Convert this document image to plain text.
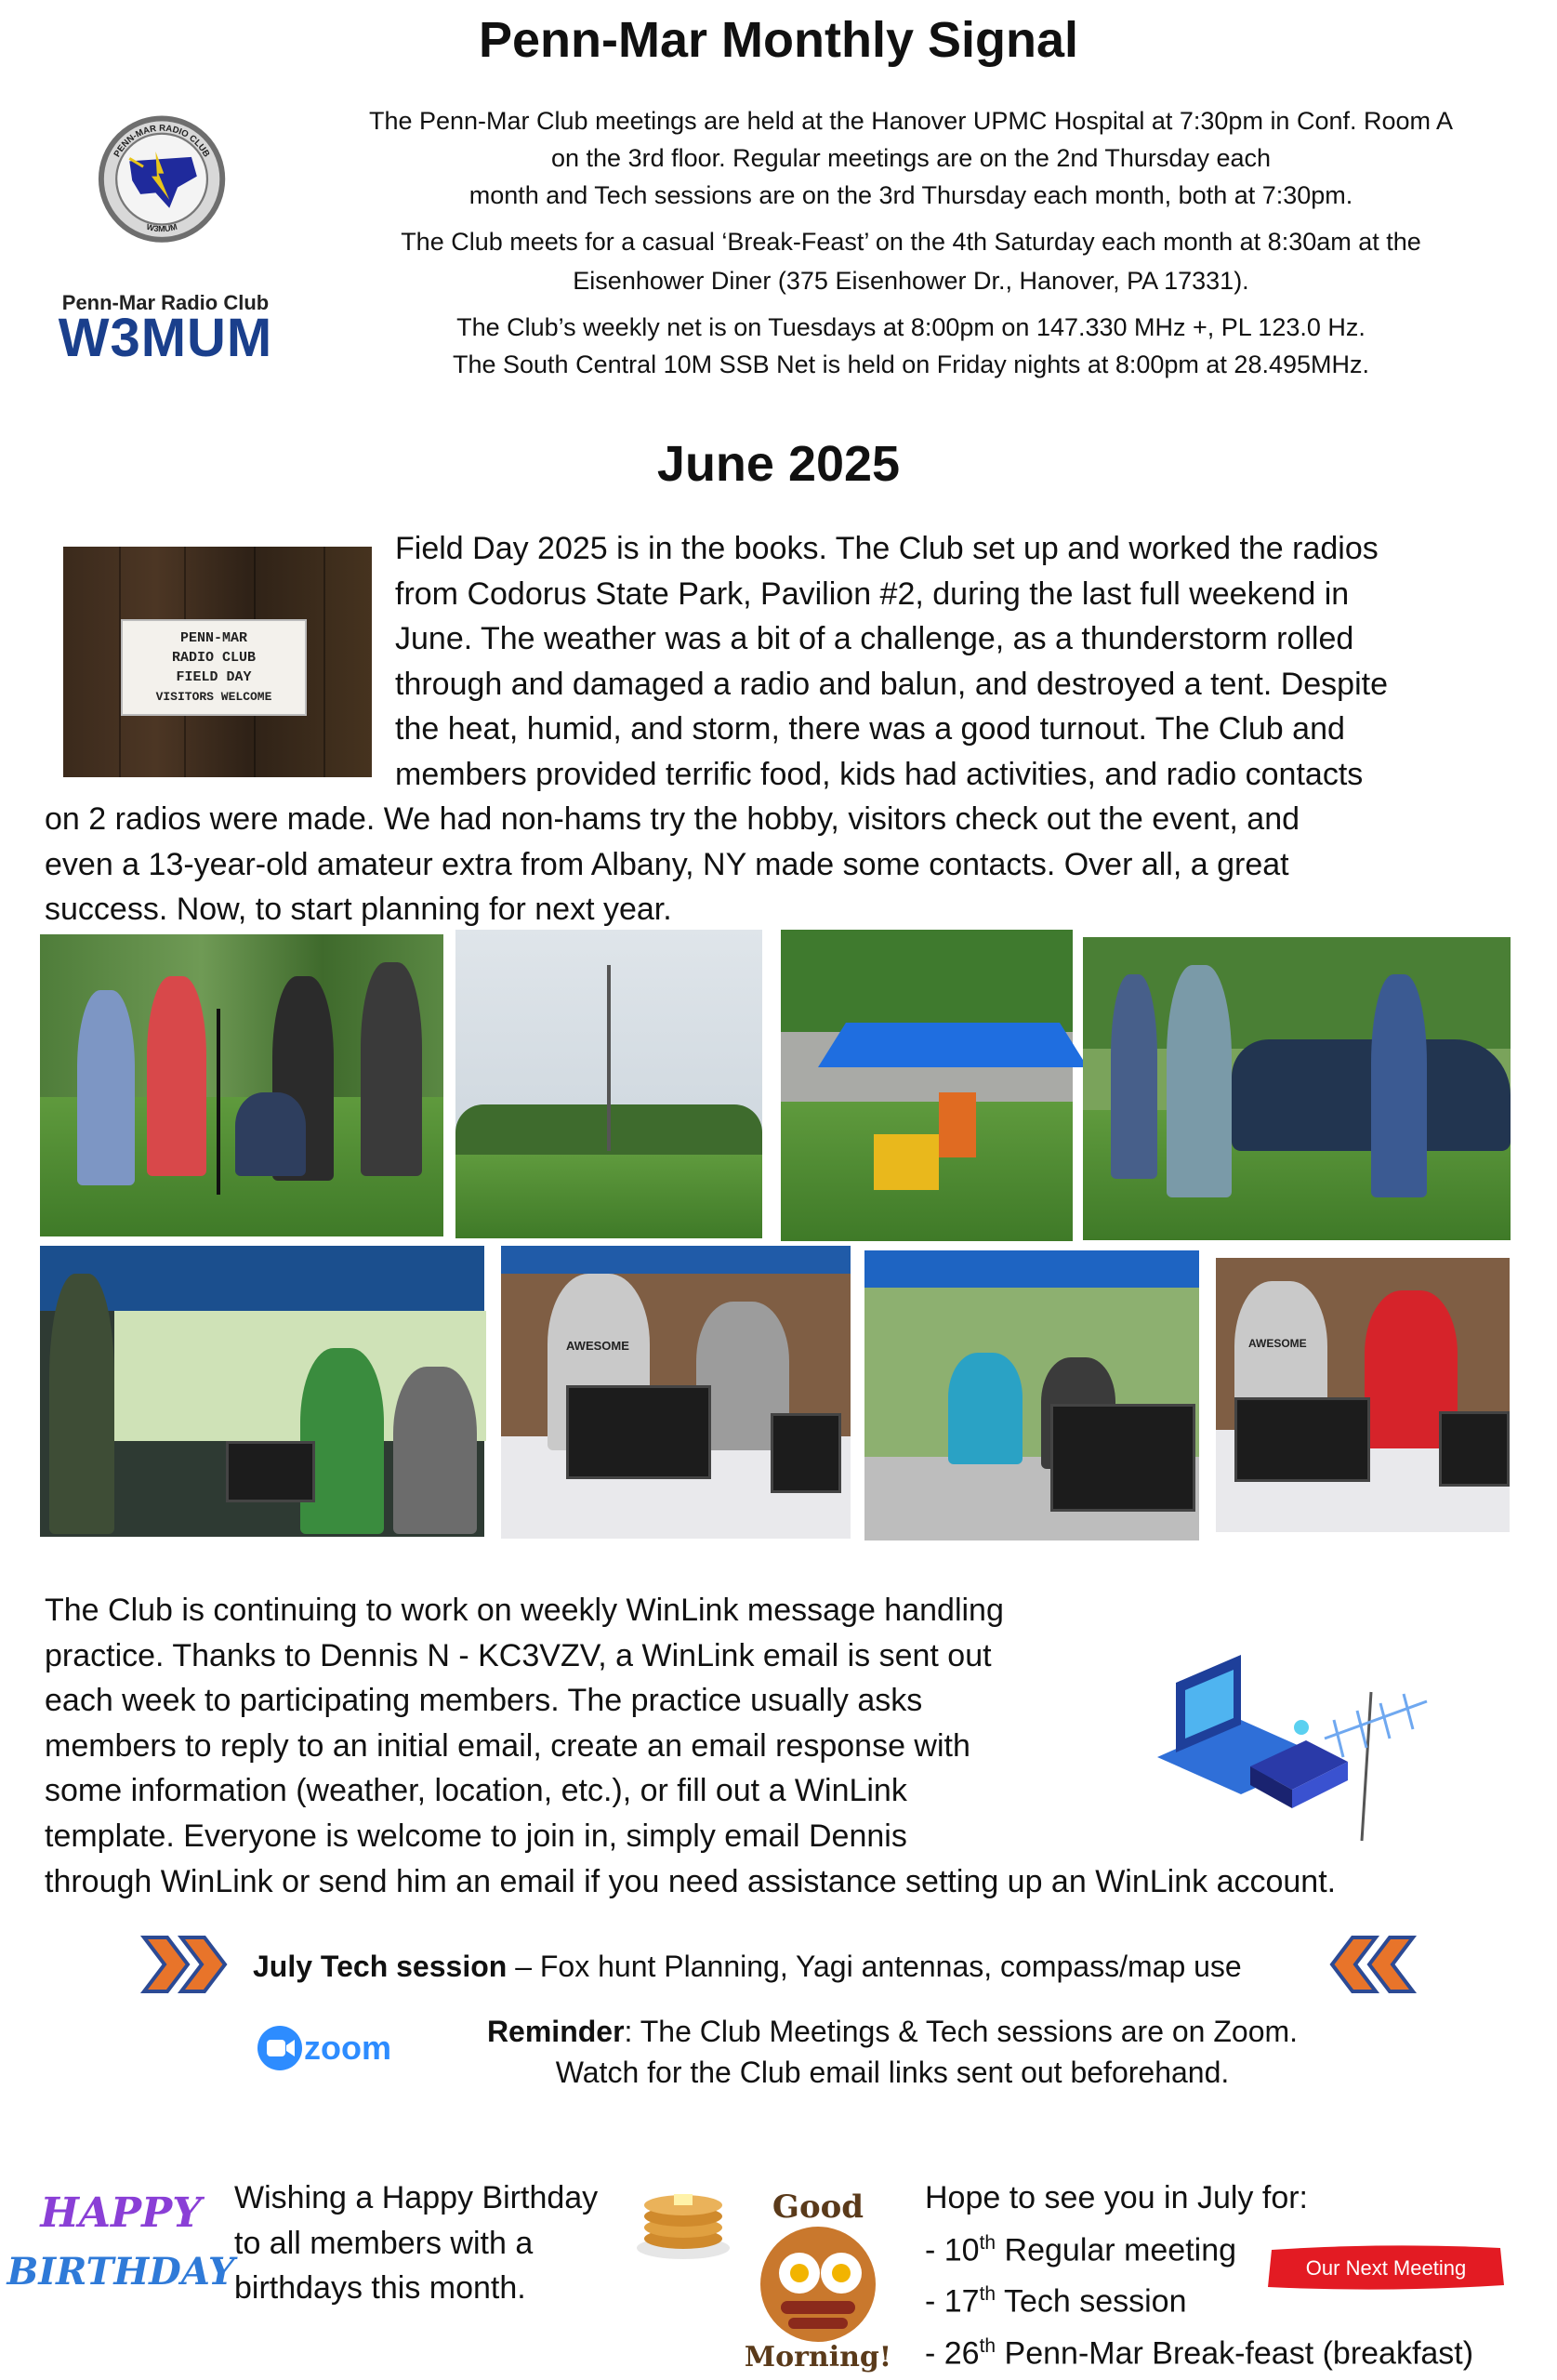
Penn-Mar Monthly Signal

The Penn-Mar Club meetings are held at the Hanover UPMC Hospital at 7:30pm in Conf. Room A

on the 3rd floor. Regular meetings are on the 2nd Thursday each

month and Tech sessions are on the 3rd Thursday each month, both at 7:30pm.

The Club meets for a casual ‘Break-Feast’ on the 4th Saturday each month at 8:30am at the

Eisenhower Diner (375 Eisenhower Dr., Hanover, PA 17331).

The Club’s weekly net is on Tuesdays at 8:00pm on 147.330 MHz +, PL 123.0 Hz.

The South Central 10M SSB Net is held on Friday nights at 8:00pm at 28.495MHz.

PENN-MAR RADIO CLUB
W3MUM
Penn-Mar Radio Club
W3MUM
June 2025
PENN-MAR
RADIO CLUB
FIELD DAY
VISITORS WELCOME
Field Day 2025 is in the books. The Club set up and worked the radios
from Codorus State Park, Pavilion #2, during the last full weekend in
June. The weather was a bit of a challenge, as a thunderstorm rolled
through and damaged a radio and balun, and destroyed a tent. Despite
the heat, humid, and storm, there was a good turnout. The Club and
members provided terrific food, kids had activities, and radio contacts
on 2 radios were made. We had non-hams try the hobby, visitors check out the event, and
even a 13-year-old amateur extra from Albany, NY made some contacts. Over all, a great
success. Now, to start planning for next year.
AWESOME	AWESOME
The Club is continuing to work on weekly WinLink message handling
practice. Thanks to Dennis N - KC3VZV, a WinLink email is sent out
each week to participating members. The practice usually asks
members to reply to an initial email, create an email response with
some information (weather, location, etc.), or fill out a WinLink
template. Everyone is welcome to join in, simply email Dennis
through WinLink or send him an email if you need assistance setting up an WinLink account.
July Tech session – Fox hunt Planning, Yagi antennas, compass/map use
zoom	Reminder: The Club Meetings & Tech sessions are on Zoom.
Watch for the Club email links sent out beforehand.
HAPPY
BIRTHDAY
Wishing a Happy Birthday
to all members with a
birthdays this month.
Good
Morning!
Hope to see you in July for:
- 10th Regular meeting
- 17th Tech session
- 26th Penn-Mar Break-feast (breakfast)
Our Next Meeting
